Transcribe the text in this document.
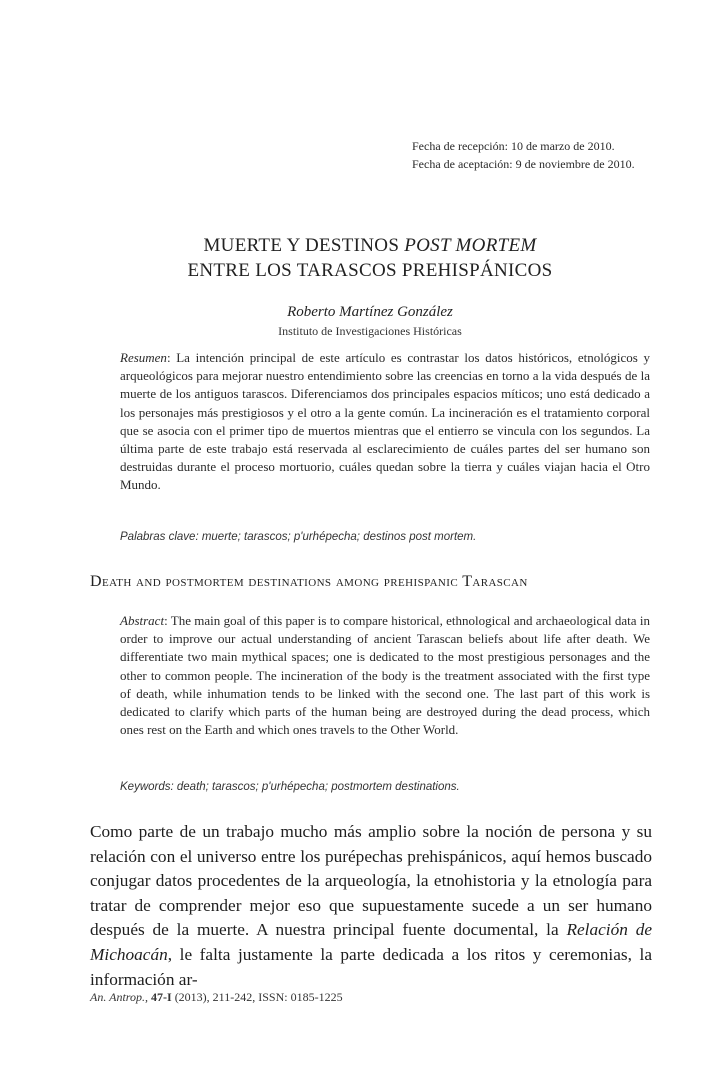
Fecha de recepción: 10 de marzo de 2010.
Fecha de aceptación: 9 de noviembre de 2010.
MUERTE Y DESTINOS POST MORTEM
ENTRE LOS TARASCOS PREHISPÁNICOS
Roberto Martínez González
Instituto de Investigaciones Históricas
Resumen: La intención principal de este artículo es contrastar los datos históricos, etnológicos y arqueológicos para mejorar nuestro entendimiento sobre las creencias en torno a la vida después de la muerte de los antiguos tarascos. Diferenciamos dos principales espacios míticos; uno está dedicado a los personajes más prestigiosos y el otro a la gente común. La incineración es el tratamiento corporal que se asocia con el primer tipo de muertos mientras que el entierro se vincula con los segundos. La última parte de este trabajo está reservada al esclarecimiento de cuáles partes del ser humano son destruidas durante el proceso mortuorio, cuáles quedan sobre la tierra y cuáles viajan hacia el Otro Mundo.
Palabras clave: muerte; tarascos; p'urhépecha; destinos post mortem.
Death and postmortem destinations among prehispanic Tarascan
Abstract: The main goal of this paper is to compare historical, ethnological and archaeological data in order to improve our actual understanding of ancient Tarascan beliefs about life after death. We differentiate two main mythical spaces; one is dedicated to the most prestigious personages and the other to common people. The incineration of the body is the treatment associated with the first type of death, while inhumation tends to be linked with the second one. The last part of this work is dedicated to clarify which parts of the human being are destroyed during the dead process, which ones rest on the Earth and which ones travels to the Other World.
Keywords: death; tarascos; p'urhépecha; postmortem destinations.
Como parte de un trabajo mucho más amplio sobre la noción de persona y su relación con el universo entre los purépechas prehispánicos, aquí hemos buscado conjugar datos procedentes de la arqueología, la etnohistoria y la etnología para tratar de comprender mejor eso que supuestamente sucede a un ser humano después de la muerte. A nuestra principal fuente documental, la Relación de Michoacán, le falta justamente la parte dedicada a los ritos y ceremonias, la información ar-
An. Antrop., 47-I (2013), 211-242, ISSN: 0185-1225
